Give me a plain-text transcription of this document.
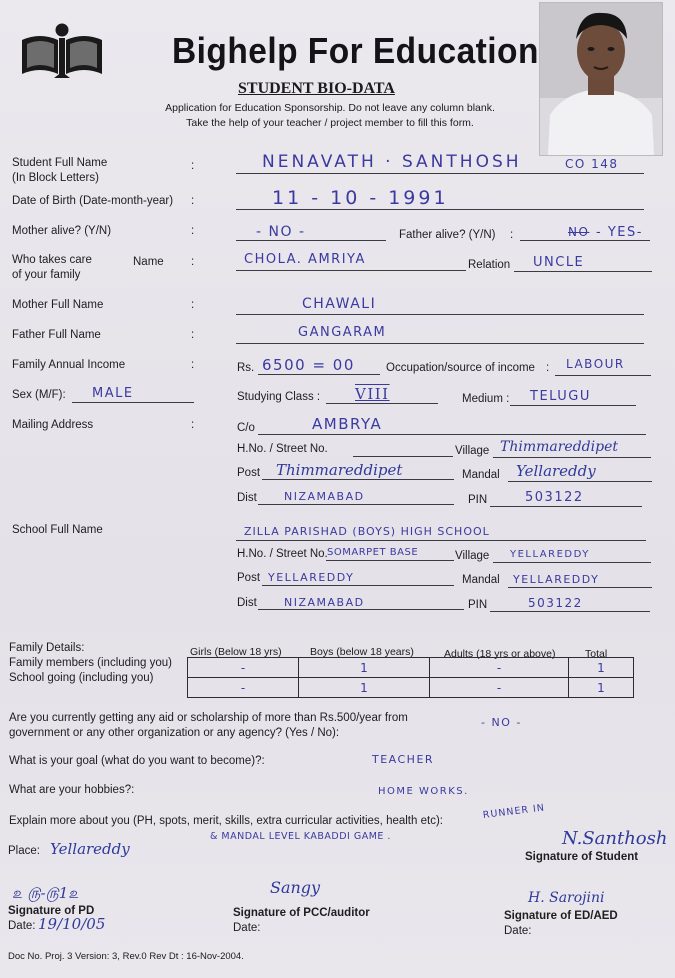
Bighelp For Education
STUDENT BIO-DATA
Application for Education Sponsorship. Do not leave any column blank.
Take the help of your teacher / project member to fill this form.
Student Full Name
(In Block Letters)
:	NENAVATH · SANTHOSH	CO 148
Date of Birth (Date-month-year) :	11 - 10 - 1991
Mother alive? (Y/N)	:	- NO -	Father alive? (Y/N) :	NO - YES-
Who takes care
of your family
Name :	CHOLA. AMRIYA	Relation UNCLE
Mother Full Name	:	CHAWALI
Father Full Name	:	GANGARAM
Family Annual Income	:	Rs. 6500 = 00	Occupation/source of income : LABOUR
Sex (M/F): MALE	Studying Class : VIII	Medium : TELUGU
Mailing Address	:	C/o	AMBRYA
H.No. / Street No.	Village Thimmareddipet
Post Thimmareddipet	Mandal Yellareddy
Dist NIZAMABAD	PIN	503122
School Full Name	ZILLA PARISHAD (BOYS) HIGH SCHOOL
H.No. / Street No. SOMARPET BASE	Village YELLAREDDY
Post YELLAREDDY	Mandal YELLAREDDY
Dist NIZAMABAD	PIN	503122
Family Details:
Family members (including you)
School going (including you)
Girls (Below 18 yrs)	Boys (below 18 years)	Adults (18 yrs or above)	Total
-	1	-	1
-	1	-	1
Are you currently getting any aid or scholarship of more than Rs.500/year from
government or any other organization or any agency? (Yes / No):
- NO -
What is your goal (what do you want to become)?:	TEACHER
What are your hobbies?:	HOME WORKS.
Explain more about you (PH, spots, merit, skills, extra curricular activities, health etc):
RUNNER IN
& MANDAL LEVEL KABADDI GAME .
Place: Yellareddy	N.Santhosh
Signature of Student
௨ ௫-௫1௨
Signature of PD
Date: 19/10/05
Sangy
Signature of PCC/auditor
Date:
H. Sarojini
Signature of ED/AED
Date:
Doc No. Proj. 3 Version: 3, Rev.0 Rev Dt : 16-Nov-2004.
